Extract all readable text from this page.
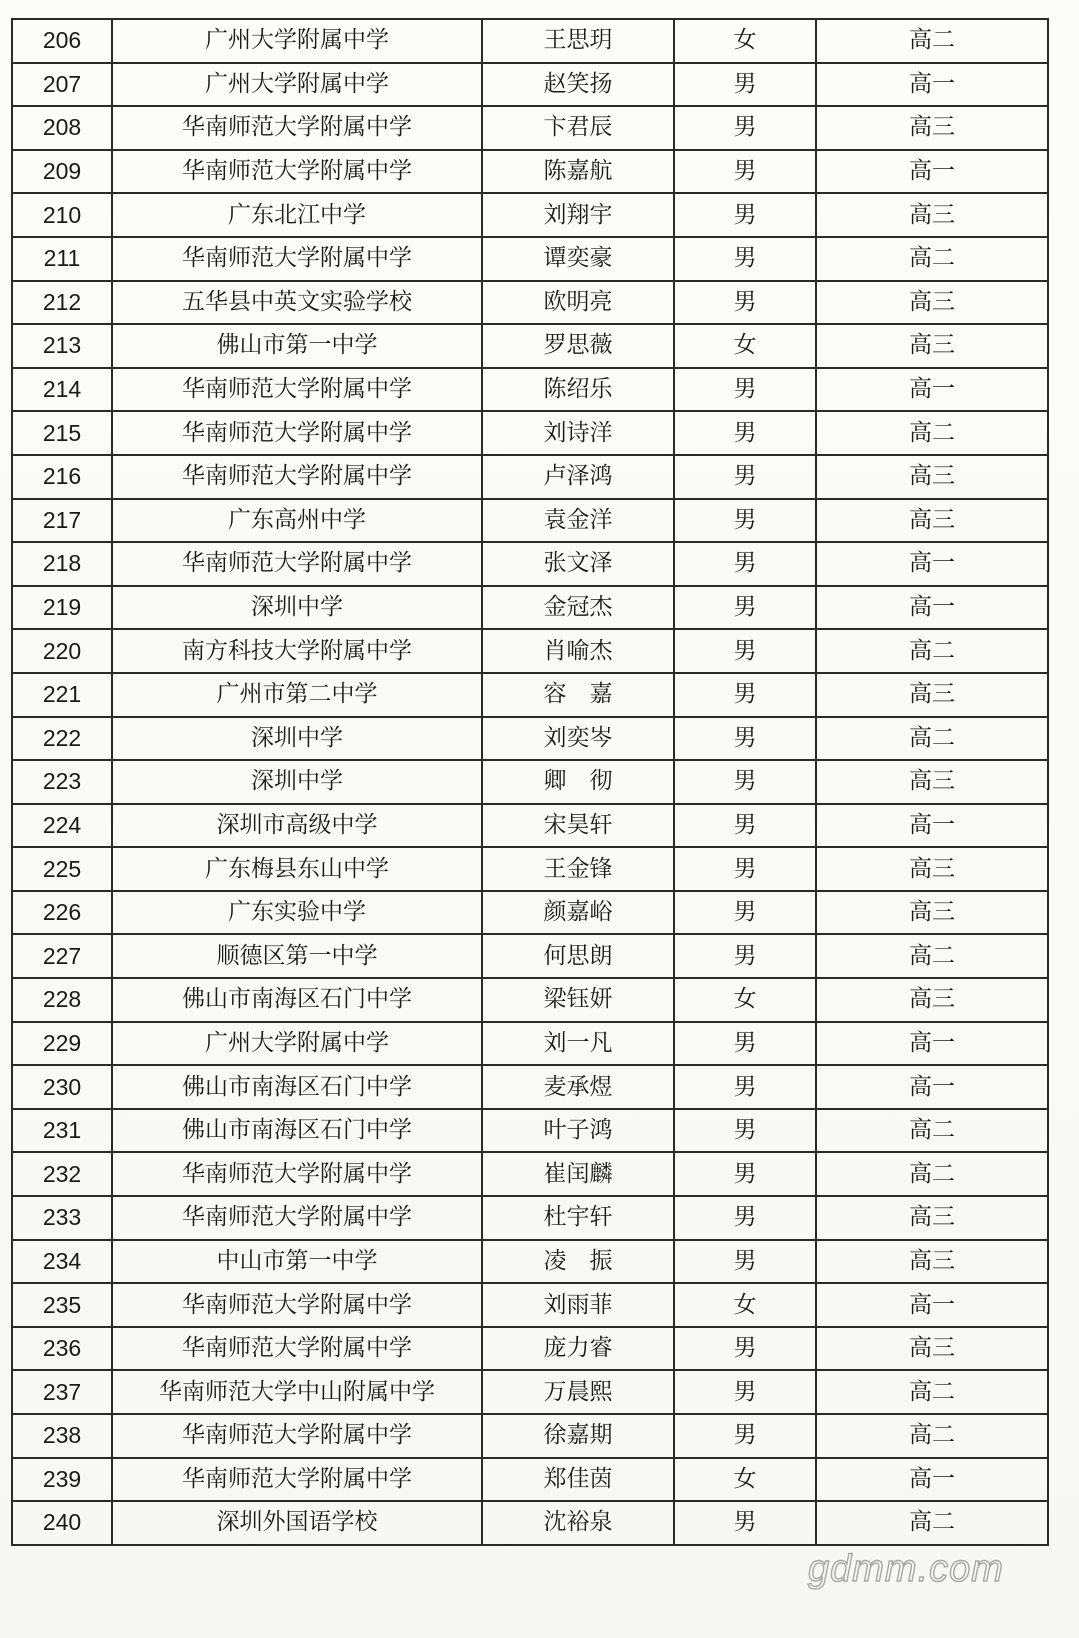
206	广州大学附属中学	王思玥	女	高二
207	广州大学附属中学	赵笑扬	男	高一
208	华南师范大学附属中学	卞君辰	男	高三
209	华南师范大学附属中学	陈嘉航	男	高一
210	广东北江中学	刘翔宇	男	高三
211	华南师范大学附属中学	谭奕豪	男	高二
212	五华县中英文实验学校	欧明亮	男	高三
213	佛山市第一中学	罗思薇	女	高三
214	华南师范大学附属中学	陈绍乐	男	高一
215	华南师范大学附属中学	刘诗洋	男	高二
216	华南师范大学附属中学	卢泽鸿	男	高三
217	广东高州中学	袁金洋	男	高三
218	华南师范大学附属中学	张文泽	男	高一
219	深圳中学	金冠杰	男	高一
220	南方科技大学附属中学	肖喻杰	男	高二
221	广州市第二中学	容　嘉	男	高三
222	深圳中学	刘奕岑	男	高二
223	深圳中学	卿　彻	男	高三
224	深圳市高级中学	宋昊轩	男	高一
225	广东梅县东山中学	王金锋	男	高三
226	广东实验中学	颜嘉峪	男	高三
227	顺德区第一中学	何思朗	男	高二
228	佛山市南海区石门中学	梁钰妍	女	高三
229	广州大学附属中学	刘一凡	男	高一
230	佛山市南海区石门中学	麦承煜	男	高一
231	佛山市南海区石门中学	叶子鸿	男	高二
232	华南师范大学附属中学	崔闰麟	男	高二
233	华南师范大学附属中学	杜宇轩	男	高三
234	中山市第一中学	凌　振	男	高三
235	华南师范大学附属中学	刘雨菲	女	高一
236	华南师范大学附属中学	庞力睿	男	高三
237	华南师范大学中山附属中学	万晨熙	男	高二
238	华南师范大学附属中学	徐嘉期	男	高二
239	华南师范大学附属中学	郑佳茵	女	高一
240	深圳外国语学校	沈裕泉	男	高二
gdmm.com
